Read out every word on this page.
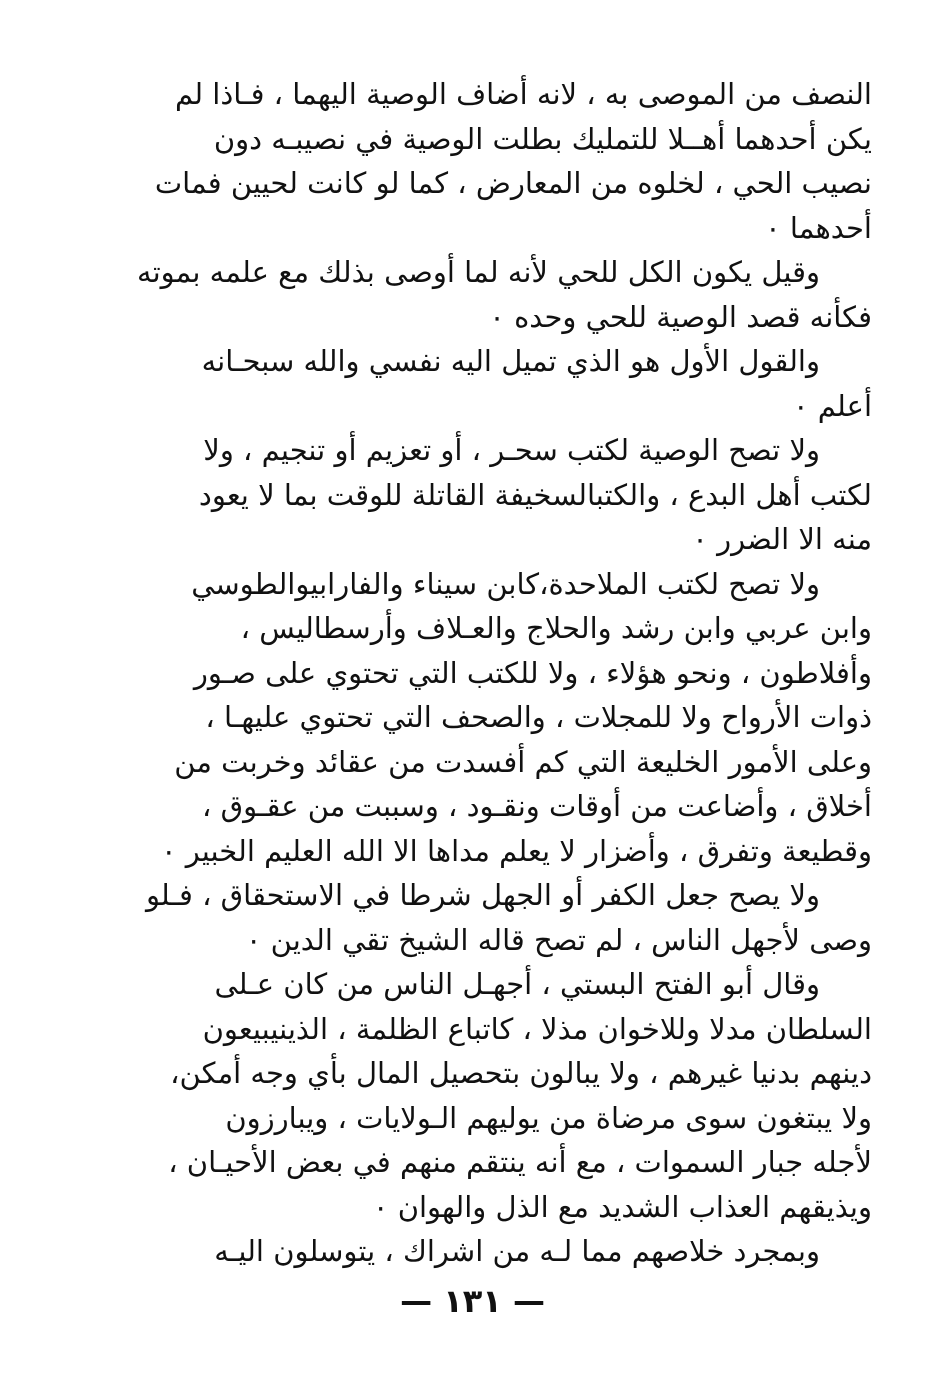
النصف من الموصى به ، لانه أضاف الوصية اليهما ، فـاذا لم
يكن أحدهما أهــلا للتمليك بطلت الوصية في نصيبـه دون
نصيب الحي ، لخلوه من المعارض ، كما لو كانت لحيين فمات
أحدهما ٠
وقيل يكون الكل للحي لأنه لما أوصى بذلك مع علمه بموته
فكأنه قصد الوصية للحي وحده ٠
والقول الأول هو الذي تميل اليه نفسي والله سبحـانه
أعلم ٠
ولا تصح الوصية لكتب سحـر ، أو تعزيم أو تنجيم ، ولا
لكتب أهل البدع ، والكتبالسخيفة القاتلة للوقت بما لا يعود
منه الا الضرر ٠
ولا تصح لكتب الملاحدة،كابن سيناء والفارابيوالطوسي
وابن عربي وابن رشد والحلاج والعـلاف وأرسطاليس ،
وأفلاطون ، ونحو هؤلاء ، ولا للكتب التي تحتوي على صـور
ذوات الأرواح ولا للمجلات ، والصحف التي تحتوي عليهـا ،
وعلى الأمور الخليعة التي كم أفسدت من عقائد وخربت من
أخلاق ، وأضاعت من أوقات ونقـود ، وسببت من عقـوق ،
وقطيعة وتفرق ، وأضزار لا يعلم مداها الا الله العليم الخبير ٠
ولا يصح جعل الكفر أو الجهل شرطا في الاستحقاق ، فـلو
وصى لأجهل الناس ، لم تصح قاله الشيخ تقي الدين ٠
وقال أبو الفتح البستي ، أجهـل الناس من كان عـلى
السلطان مدلا وللاخوان مذلا ، كاتباع الظلمة ، الذينيبيعون
دينهم بدنيا غيرهم ، ولا يبالون بتحصيل المال بأي وجه أمكن،
ولا يبتغون سوى مرضاة من يوليهم الـولايات ، ويبارزون
لأجله جبار السموات ، مع أنه ينتقم منهم في بعض الأحيـان ،
ويذيقهم العذاب الشديد مع الذل والهوان ٠
وبمجرد خلاصهم مما لـه من اشراك ، يتوسلون اليـه
— ١٣١ —
